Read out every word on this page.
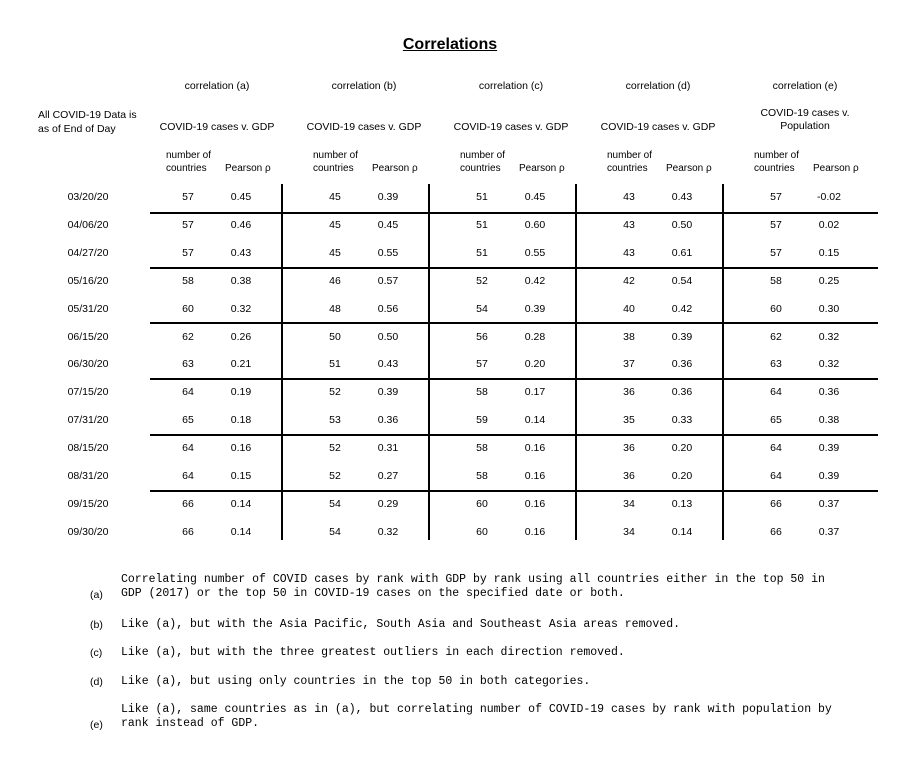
Correlations
All COVID-19 Data is as of End of Day
correlation (a)
COVID-19 cases v. GDP
number of countries	Pearson ρ
correlation (b)
COVID-19 cases v. GDP
number of countries	Pearson ρ
correlation (c)
COVID-19 cases v. GDP
number of countries	Pearson ρ
correlation (d)
COVID-19 cases v. GDP
number of countries	Pearson ρ
correlation (e)
COVID-19 cases v. Population
number of countries	Pearson ρ
03/20/20	57	0.45	45	0.39	51	0.45	43	0.43	57	-0.02
04/06/20	57	0.46	45	0.45	51	0.60	43	0.50	57	0.02
04/27/20	57	0.43	45	0.55	51	0.55	43	0.61	57	0.15
05/16/20	58	0.38	46	0.57	52	0.42	42	0.54	58	0.25
05/31/20	60	0.32	48	0.56	54	0.39	40	0.42	60	0.30
06/15/20	62	0.26	50	0.50	56	0.28	38	0.39	62	0.32
06/30/20	63	0.21	51	0.43	57	0.20	37	0.36	63	0.32
07/15/20	64	0.19	52	0.39	58	0.17	36	0.36	64	0.36
07/31/20	65	0.18	53	0.36	59	0.14	35	0.33	65	0.38
08/15/20	64	0.16	52	0.31	58	0.16	36	0.20	64	0.39
08/31/20	64	0.15	52	0.27	58	0.16	36	0.20	64	0.39
09/15/20	66	0.14	54	0.29	60	0.16	34	0.13	66	0.37
09/30/20	66	0.14	54	0.32	60	0.16	34	0.14	66	0.37
Correlating number of COVID cases by rank with GDP by rank using all countries either in the top 50 in GDP (2017) or the top 50 in COVID-19 cases on the specified date or both.
(a)
Like (a), but with the Asia Pacific, South Asia and Southeast Asia areas removed.
(b)
Like (a), but with the three greatest outliers in each direction removed.
(c)
Like (a), but using only countries in the top 50 in both categories.
(d)
Like (a), same countries as in (a), but correlating number of COVID-19 cases by rank with population by rank instead of GDP.
(e)
